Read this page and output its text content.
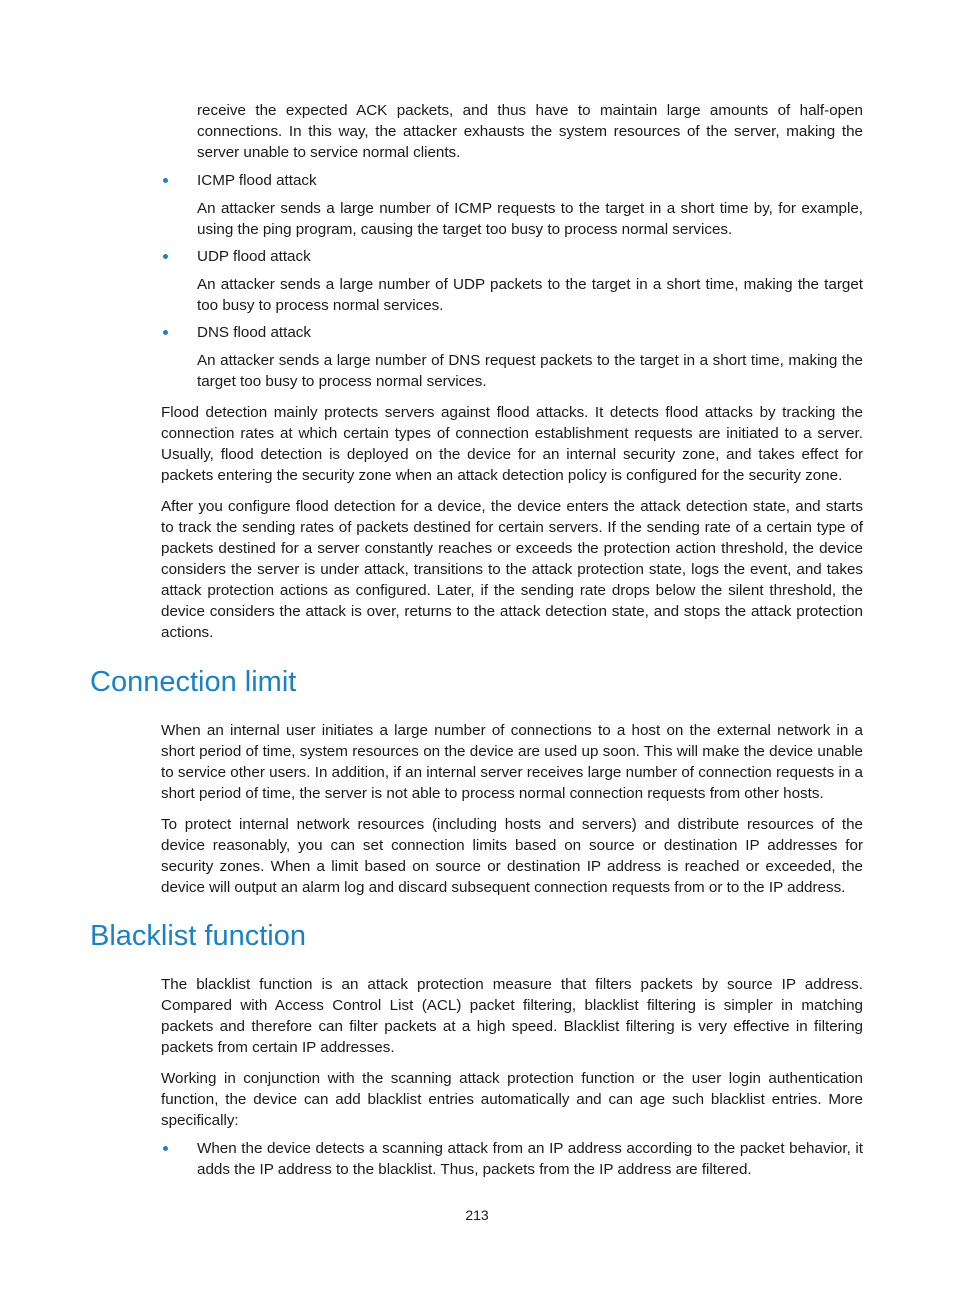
receive the expected ACK packets, and thus have to maintain large amounts of half-open connections. In this way, the attacker exhausts the system resources of the server, making the server unable to service normal clients.

ICMP flood attack

An attacker sends a large number of ICMP requests to the target in a short time by, for example, using the ping program, causing the target too busy to process normal services.

UDP flood attack

An attacker sends a large number of UDP packets to the target in a short time, making the target too busy to process normal services.

DNS flood attack

An attacker sends a large number of DNS request packets to the target in a short time, making the target too busy to process normal services.

Flood detection mainly protects servers against flood attacks. It detects flood attacks by tracking the connection rates at which certain types of connection establishment requests are initiated to a server. Usually, flood detection is deployed on the device for an internal security zone, and takes effect for packets entering the security zone when an attack detection policy is configured for the security zone.

After you configure flood detection for a device, the device enters the attack detection state, and starts to track the sending rates of packets destined for certain servers. If the sending rate of a certain type of packets destined for a server constantly reaches or exceeds the protection action threshold, the device considers the server is under attack, transitions to the attack protection state, logs the event, and takes attack protection actions as configured. Later, if the sending rate drops below the silent threshold, the device considers the attack is over, returns to the attack detection state, and stops the attack protection actions.

Connection limit

When an internal user initiates a large number of connections to a host on the external network in a short period of time, system resources on the device are used up soon. This will make the device unable to service other users. In addition, if an internal server receives large number of connection requests in a short period of time, the server is not able to process normal connection requests from other hosts.

To protect internal network resources (including hosts and servers) and distribute resources of the device reasonably, you can set connection limits based on source or destination IP addresses for security zones. When a limit based on source or destination IP address is reached or exceeded, the device will output an alarm log and discard subsequent connection requests from or to the IP address.

Blacklist function

The blacklist function is an attack protection measure that filters packets by source IP address. Compared with Access Control List (ACL) packet filtering, blacklist filtering is simpler in matching packets and therefore can filter packets at a high speed. Blacklist filtering is very effective in filtering packets from certain IP addresses.

Working in conjunction with the scanning attack protection function or the user login authentication function, the device can add blacklist entries automatically and can age such blacklist entries. More specifically:

When the device detects a scanning attack from an IP address according to the packet behavior, it adds the IP address to the blacklist. Thus, packets from the IP address are filtered.
213
